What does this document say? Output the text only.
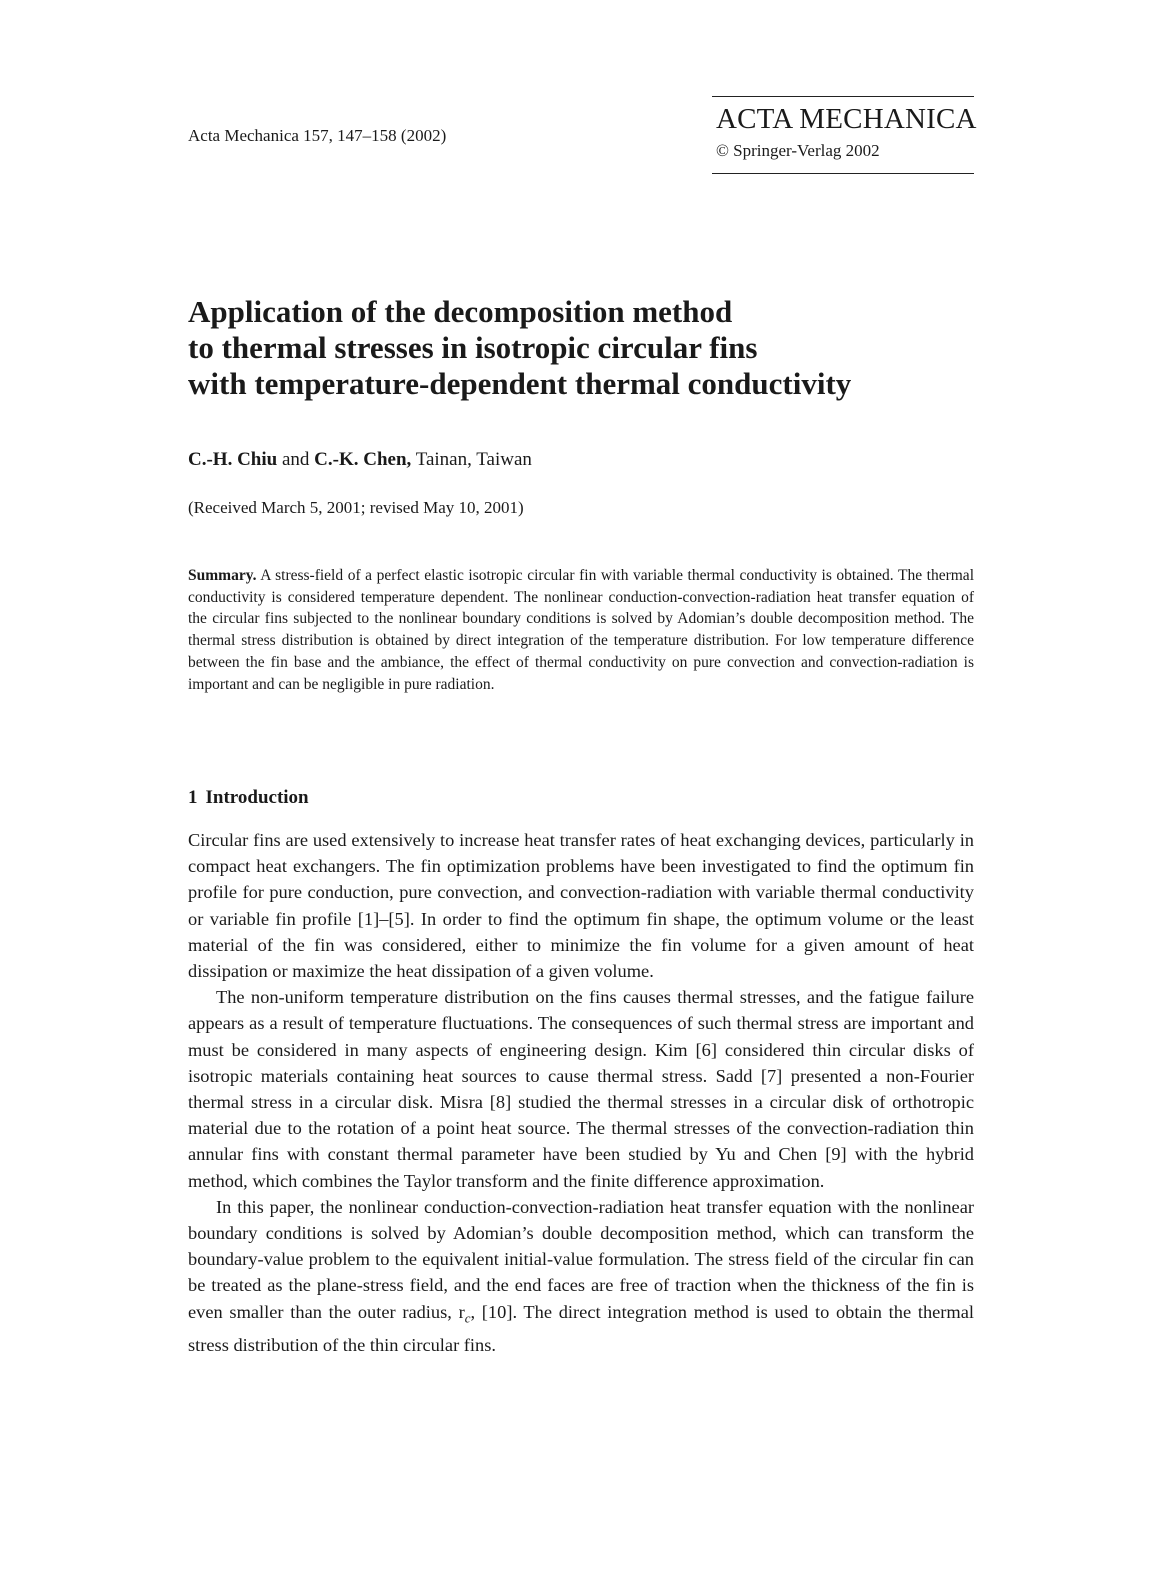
Acta Mechanica 157, 147–158 (2002)
ACTA MECHANICA
© Springer-Verlag 2002
Application of the decomposition method
to thermal stresses in isotropic circular fins
with temperature-dependent thermal conductivity
C.-H. Chiu and C.-K. Chen, Tainan, Taiwan
(Received March 5, 2001; revised May 10, 2001)

Summary. A stress-field of a perfect elastic isotropic circular fin with variable thermal conductivity is obtained. The thermal conductivity is considered temperature dependent. The nonlinear conduction-convection-radiation heat transfer equation of the circular fins subjected to the nonlinear boundary conditions is solved by Adomian’s double decomposition method. The thermal stress distribution is obtained by direct integration of the temperature distribution. For low temperature difference between the fin base and the ambiance, the effect of thermal conductivity on pure convection and convection-radiation is important and can be negligible in pure radiation.

1 Introduction

Circular fins are used extensively to increase heat transfer rates of heat exchanging devices, particularly in compact heat exchangers. The fin optimization problems have been investigated to find the optimum fin profile for pure conduction, pure convection, and convection-radiation with variable thermal conductivity or variable fin profile [1]–[5]. In order to find the optimum fin shape, the optimum volume or the least material of the fin was considered, either to minimize the fin volume for a given amount of heat dissipation or maximize the heat dissipation of a given volume.

The non-uniform temperature distribution on the fins causes thermal stresses, and the fatigue failure appears as a result of temperature fluctuations. The consequences of such thermal stress are important and must be considered in many aspects of engineering design. Kim [6] considered thin circular disks of isotropic materials containing heat sources to cause thermal stress. Sadd [7] presented a non-Fourier thermal stress in a circular disk. Misra [8] studied the thermal stresses in a circular disk of orthotropic material due to the rotation of a point heat source. The thermal stresses of the convection-radiation thin annular fins with constant thermal parameter have been studied by Yu and Chen [9] with the hybrid method, which combines the Taylor transform and the finite difference approximation.

In this paper, the nonlinear conduction-convection-radiation heat transfer equation with the nonlinear boundary conditions is solved by Adomian’s double decomposition method, which can transform the boundary-value problem to the equivalent initial-value formulation. The stress field of the circular fin can be treated as the plane-stress field, and the end faces are free of traction when the thickness of the fin is even smaller than the outer radius, $r_c$, [10]. The direct integration method is used to obtain the thermal stress distribution of the thin circular fins.
